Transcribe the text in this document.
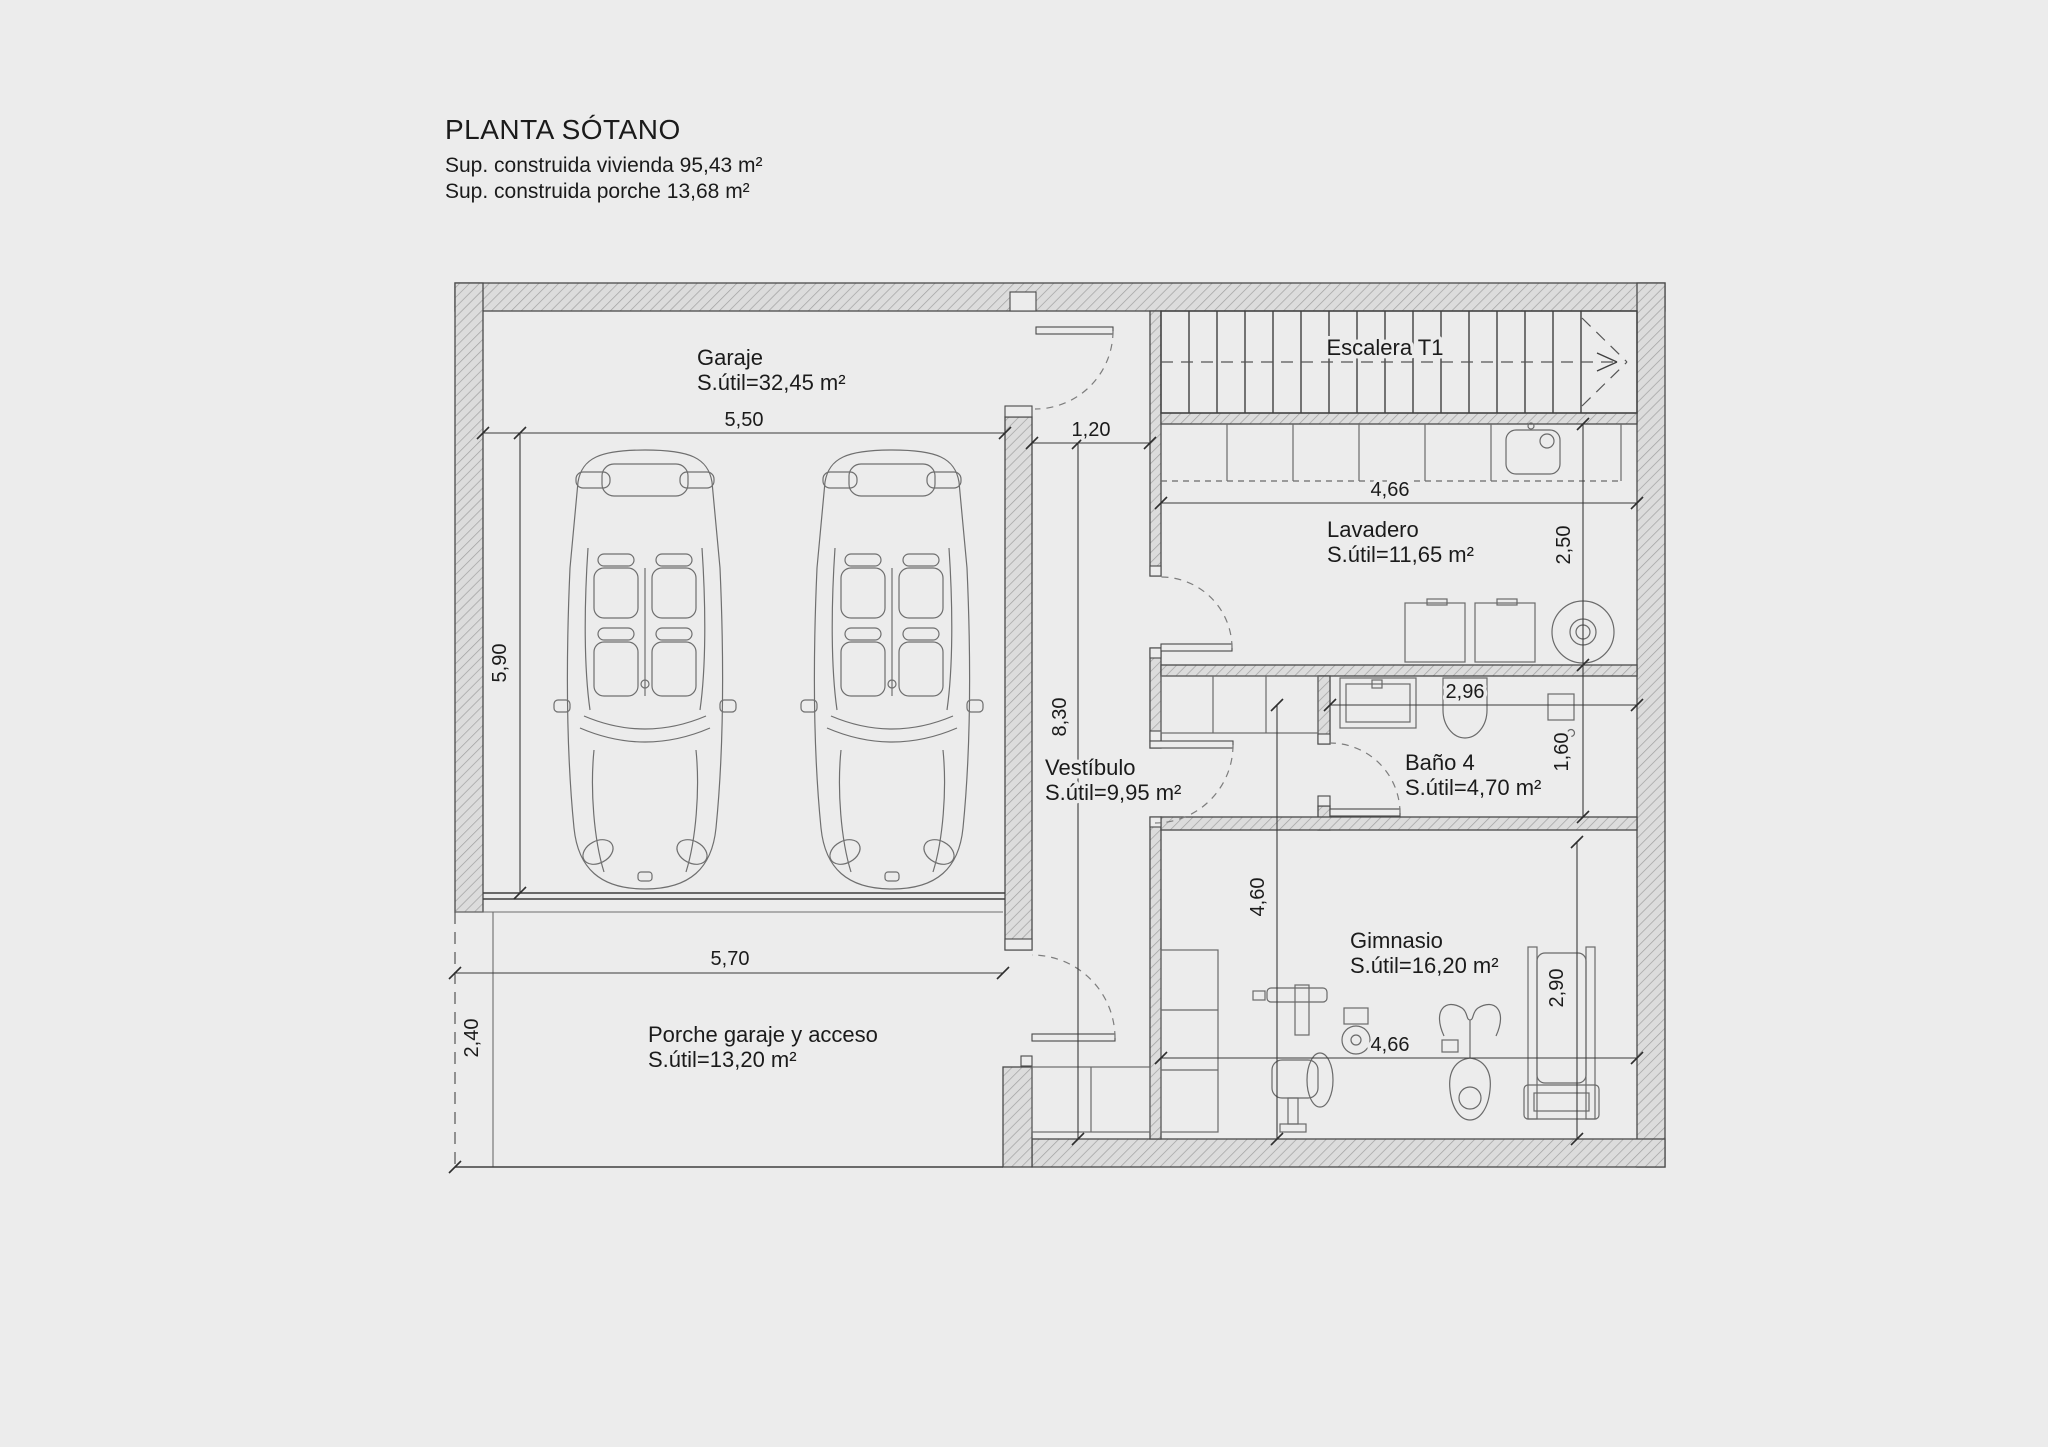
PLANTA SÓTANO

Sup. construida vivienda 95,43 m²

Sup. construida porche 13,68 m²

Garaje
S.útil=32,45 m²
Escalera T1
Lavadero
S.útil=11,65 m²
Vestíbulo
S.útil=9,95 m²
Baño 4
S.útil=4,70 m²
Gimnasio
S.útil=16,20 m²
Porche garaje y acceso
S.útil=13,20 m²
5,50
5,90
1,20
8,30
4,66
2,50
2,96
1,60
4,60
4,66
2,90
5,70
2,40
